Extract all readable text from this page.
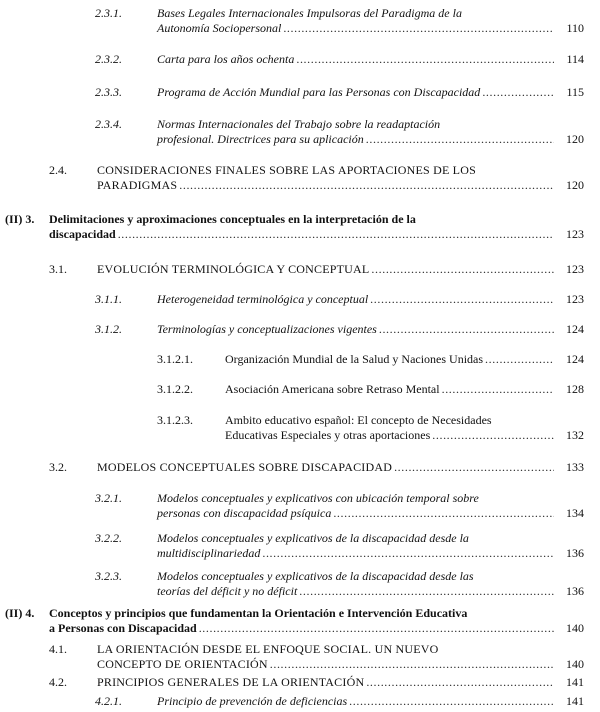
2.3.1.	Bases Legales Internacionales Impulsoras del Paradigma de la
Autonomía Sociopersonal .....	110
2.3.2.	Carta para los años ochenta .....	114
2.3.3.	Programa de Acción Mundial para las Personas con Discapacidad .....	115
2.3.4.	Normas Internacionales del Trabajo sobre la readaptación
profesional. Directrices para su aplicación .....	120
2.4.	CONSIDERACIONES FINALES SOBRE LAS APORTACIONES DE LOS
PARADIGMAS .....	120
(II) 3.	Delimitaciones y aproximaciones conceptuales en la interpretación de la
discapacidad .....	123
3.1.	EVOLUCIÓN TERMINOLÓGICA Y CONCEPTUAL .....	123
3.1.1.	Heterogeneidad terminológica y conceptual .....	123
3.1.2.	Terminologías y conceptualizaciones vigentes .....	124
3.1.2.1.	Organización Mundial de la Salud y Naciones Unidas .....	124
3.1.2.2.	Asociación Americana sobre Retraso Mental .....	128
3.1.2.3.	Ambito educativo español: El concepto de Necesidades
Educativas Especiales y otras aportaciones .....	132
3.2.	MODELOS CONCEPTUALES SOBRE DISCAPACIDAD .....	133
3.2.1.	Modelos conceptuales y explicativos con ubicación temporal sobre
personas con discapacidad psíquica .....	134
3.2.2.	Modelos conceptuales y explicativos de la discapacidad desde la
multidisciplinariedad .....	136
3.2.3.	Modelos conceptuales y explicativos de la discapacidad desde las
teorías del déficit y no déficit .....	136
(II) 4.	Conceptos y principios que fundamentan la Orientación e Intervención Educativa
a Personas con Discapacidad .....	140
4.1.	LA ORIENTACIÓN DESDE EL ENFOQUE SOCIAL. UN NUEVO
CONCEPTO DE ORIENTACIÓN .....	140
4.2.	PRINCIPIOS GENERALES DE LA ORIENTACIÓN .....	141
4.2.1.	Principio de prevención de deficiencias .....	141
